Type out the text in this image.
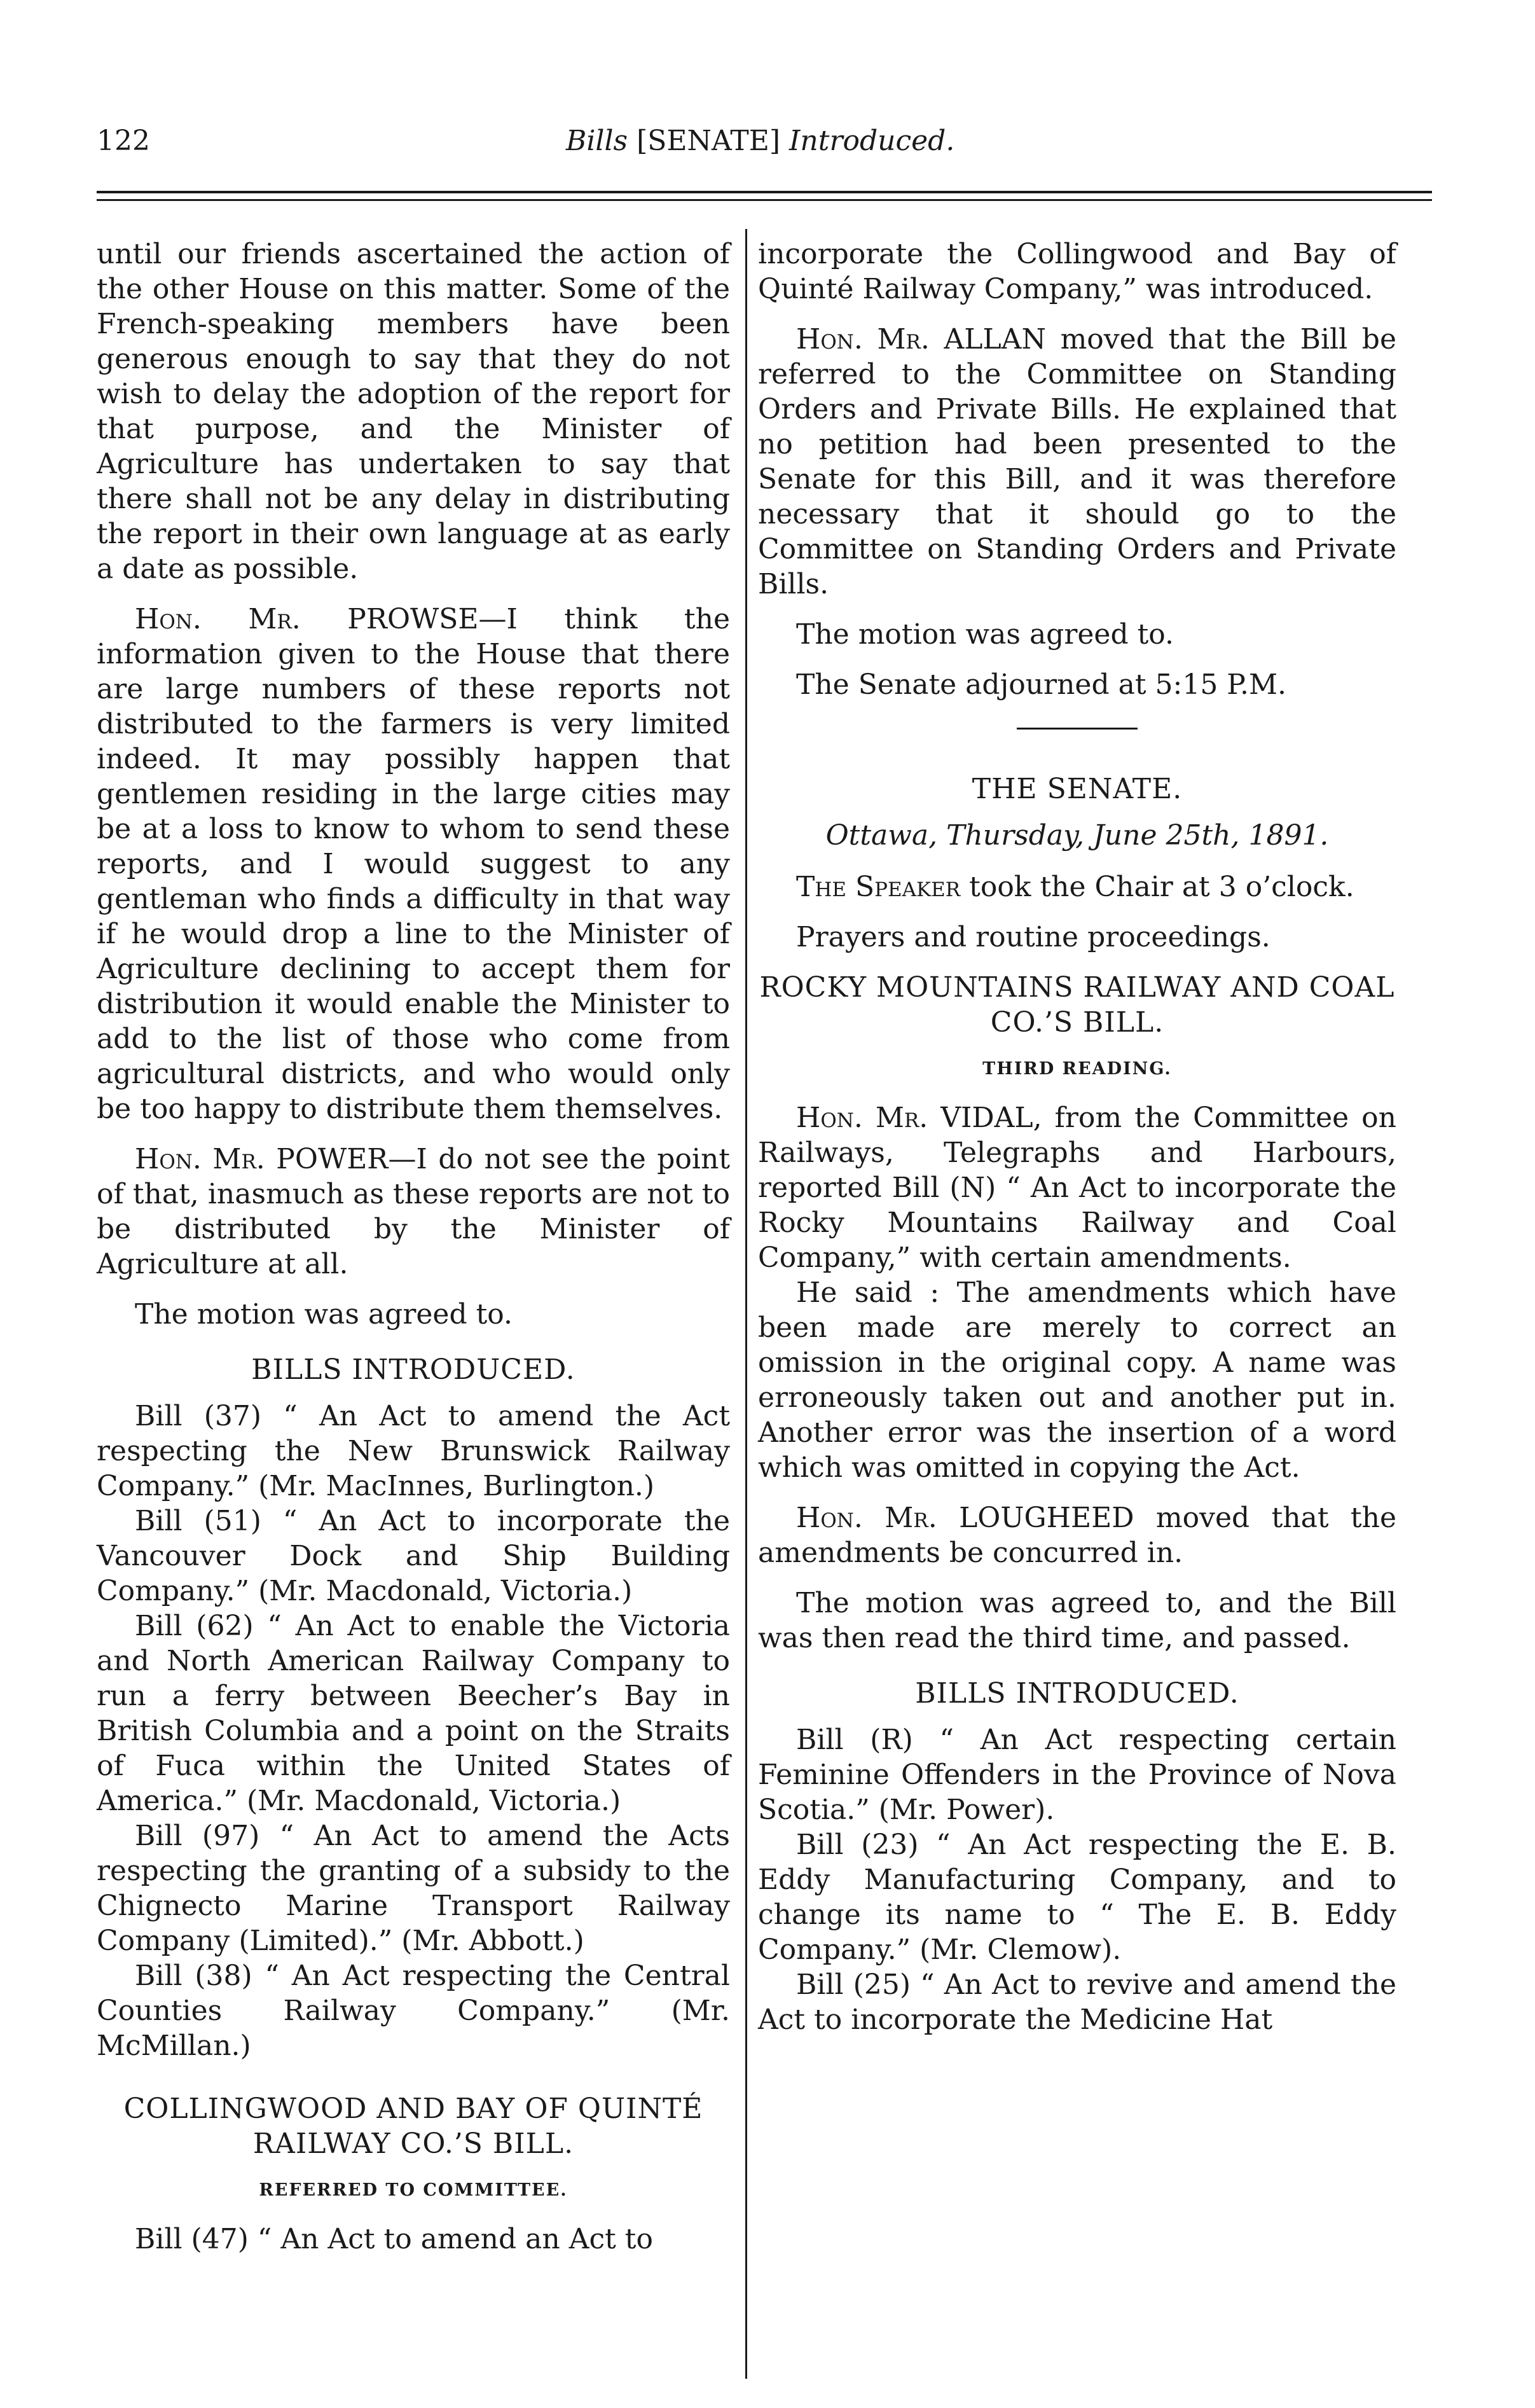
122	Bills [SENATE] Introduced.

until our friends ascertained the action of the other House on this matter. Some of the French-speaking members have been generous enough to say that they do not wish to delay the adoption of the report for that purpose, and the Minister of Agriculture has undertaken to say that there shall not be any delay in distributing the report in their own language at as early a date as possible.

Hon. Mr. PROWSE—I think the information given to the House that there are large numbers of these reports not distributed to the farmers is very limited indeed. It may possibly happen that gentlemen residing in the large cities may be at a loss to know to whom to send these reports, and I would suggest to any gentleman who finds a difficulty in that way if he would drop a line to the Minister of Agriculture declining to accept them for distribution it would enable the Minister to add to the list of those who come from agricultural districts, and who would only be too happy to distribute them themselves.

Hon. Mr. POWER—I do not see the point of that, inasmuch as these reports are not to be distributed by the Minister of Agriculture at all.

The motion was agreed to.

BILLS INTRODUCED.

Bill (37) “ An Act to amend the Act respecting the New Brunswick Railway Company.” (Mr. MacInnes, Burlington.)

Bill (51) “ An Act to incorporate the Vancouver Dock and Ship Building Company.” (Mr. Macdonald, Victoria.)

Bill (62) “ An Act to enable the Victoria and North American Railway Company to run a ferry between Beecher’s Bay in British Columbia and a point on the Straits of Fuca within the United States of America.” (Mr. Macdonald, Victoria.)

Bill (97) “ An Act to amend the Acts respecting the granting of a subsidy to the Chignecto Marine Transport Railway Company (Limited).” (Mr. Abbott.)

Bill (38) “ An Act respecting the Central Counties Railway Company.” (Mr. McMillan.)

COLLINGWOOD AND BAY OF QUINTÉ RAILWAY CO.’S BILL.
REFERRED TO COMMITTEE.

Bill (47) “ An Act to amend an Act to

incorporate the Collingwood and Bay of Quinté Railway Company,” was introduced.

Hon. Mr. ALLAN moved that the Bill be referred to the Committee on Standing Orders and Private Bills. He explained that no petition had been presented to the Senate for this Bill, and it was therefore necessary that it should go to the Committee on Standing Orders and Private Bills.

The motion was agreed to.

The Senate adjourned at 5:15 P.M.

THE SENATE.

Ottawa, Thursday, June 25th, 1891.

The Speaker took the Chair at 3 o’clock.

Prayers and routine proceedings.

ROCKY MOUNTAINS RAILWAY AND COAL CO.’S BILL.
THIRD READING.

Hon. Mr. VIDAL, from the Committee on Railways, Telegraphs and Harbours, reported Bill (N) “ An Act to incorporate the Rocky Mountains Railway and Coal Company,” with certain amendments.

He said : The amendments which have been made are merely to correct an omission in the original copy. A name was erroneously taken out and another put in. Another error was the insertion of a word which was omitted in copying the Act.

Hon. Mr. LOUGHEED moved that the amendments be concurred in.

The motion was agreed to, and the Bill was then read the third time, and passed.

BILLS INTRODUCED.

Bill (R) “ An Act respecting certain Feminine Offenders in the Province of Nova Scotia.” (Mr. Power).

Bill (23) “ An Act respecting the E. B. Eddy Manufacturing Company, and to change its name to “ The E. B. Eddy Company.” (Mr. Clemow).

Bill (25) “ An Act to revive and amend the Act to incorporate the Medicine Hat
